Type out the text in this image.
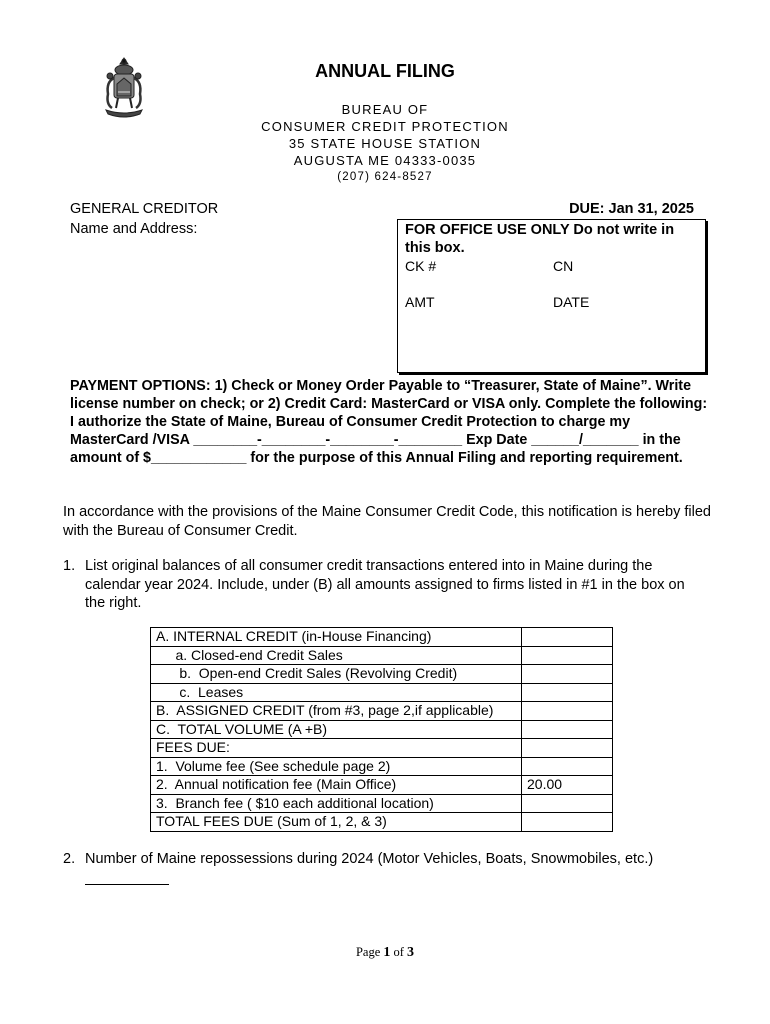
ANNUAL FILING
BUREAU OF
CONSUMER CREDIT PROTECTION
35 STATE HOUSE STATION
AUGUSTA ME 04333-0035
(207) 624-8527
GENERAL CREDITOR
Name and Address:
DUE: Jan 31, 2025
FOR OFFICE USE ONLY Do not write in this box.
CK #	CN
AMT	DATE
PAYMENT OPTIONS: 1) Check or Money Order Payable to “Treasurer, State of Maine”. Write license number on check; or 2) Credit Card: MasterCard or VISA only. Complete the following: I authorize the State of Maine, Bureau of Consumer Credit Protection to charge my MasterCard /VISA ________-________-________-________ Exp Date ______/_______ in the amount of $____________ for the purpose of this Annual Filing and reporting requirement.
In accordance with the provisions of the Maine Consumer Credit Code, this notification is hereby filed with the Bureau of Consumer Credit.
1. List original balances of all consumer credit transactions entered into in Maine during the calendar year 2024. Include, under (B) all amounts assigned to firms listed in #1 in the box on the right.
A. INTERNAL CREDIT (in-House Financing)	
a. Closed-end Credit Sales	
b.  Open-end Credit Sales (Revolving Credit)	
c.  Leases	
B.  ASSIGNED CREDIT (from #3, page 2,if applicable)	
C.  TOTAL VOLUME (A +B)	
FEES DUE:	
1.  Volume fee (See schedule page 2)	
2.  Annual notification fee (Main Office)	20.00
3.  Branch fee ( $10 each additional location)	
TOTAL FEES DUE (Sum of 1, 2, & 3)	
2. Number of Maine repossessions during 2024 (Motor Vehicles, Boats, Snowmobiles, etc.)
Page 1 of 3
